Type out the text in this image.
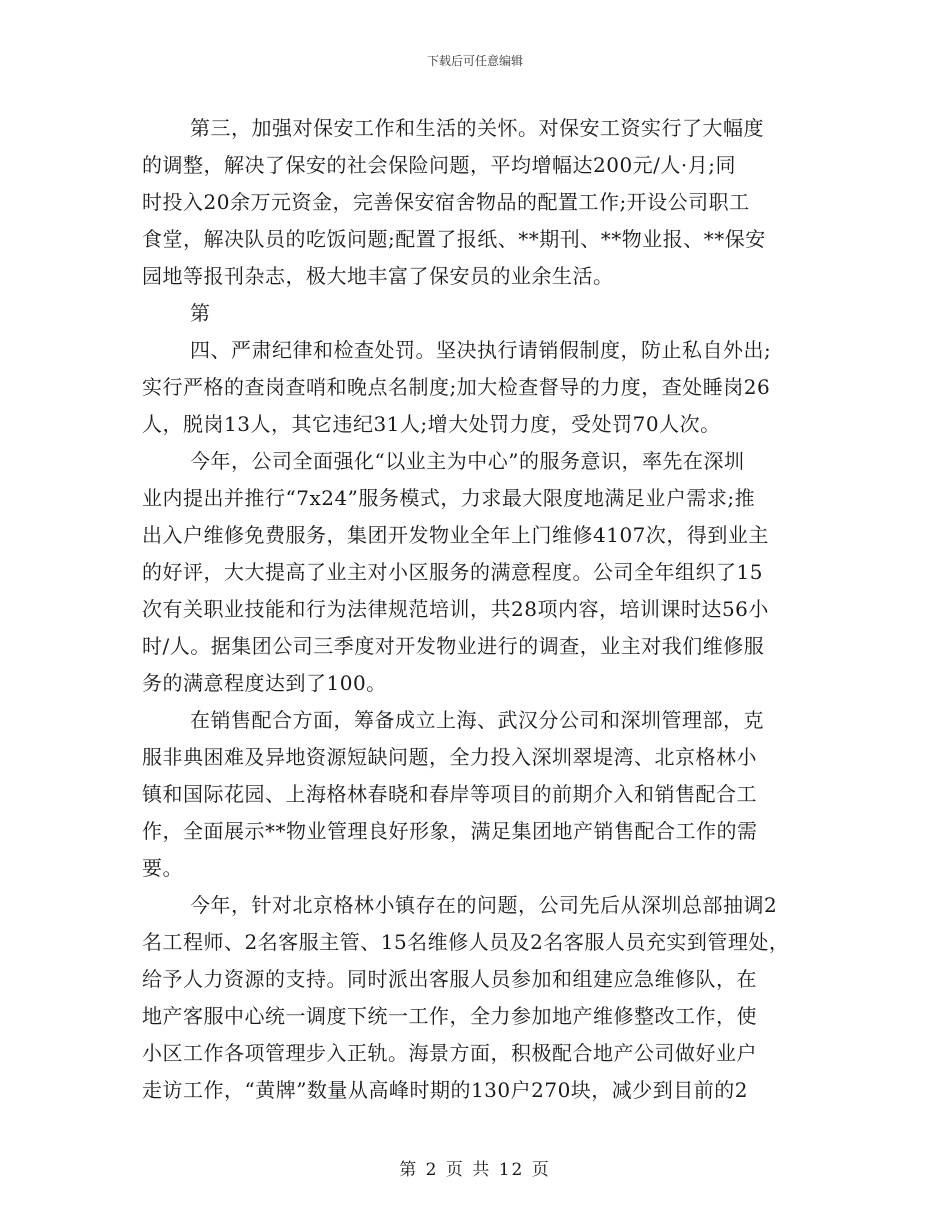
下载后可任意编辑
第三，加强对保安工作和生活的关怀。对保安工资实行了大幅度
的调整，解决了保安的社会保险问题，平均增幅达200元/人·月;同
时投入20余万元资金，完善保安宿舍物品的配置工作;开设公司职工
食堂，解决队员的吃饭问题;配置了报纸、**期刊、**物业报、**保安
园地等报刊杂志，极大地丰富了保安员的业余生活。
第
四、严肃纪律和检查处罚。坚决执行请销假制度，防止私自外出;
实行严格的查岗查哨和晚点名制度;加大检查督导的力度，查处睡岗26
人，脱岗13人，其它违纪31人;增大处罚力度，受处罚70人次。
今年，公司全面强化“以业主为中心”的服务意识，率先在深圳
业内提出并推行“7x24”服务模式，力求最大限度地满足业户需求;推
出入户维修免费服务，集团开发物业全年上门维修4107次，得到业主
的好评，大大提高了业主对小区服务的满意程度。公司全年组织了15
次有关职业技能和行为法律规范培训，共28项内容，培训课时达56小
时/人。据集团公司三季度对开发物业进行的调查，业主对我们维修服
务的满意程度达到了100。
在销售配合方面，筹备成立上海、武汉分公司和深圳管理部，克
服非典困难及异地资源短缺问题，全力投入深圳翠堤湾、北京格林小
镇和国际花园、上海格林春晓和春岸等项目的前期介入和销售配合工
作，全面展示**物业管理良好形象，满足集团地产销售配合工作的需
要。
今年，针对北京格林小镇存在的问题，公司先后从深圳总部抽调2
名工程师、2名客服主管、15名维修人员及2名客服人员充实到管理处，
给予人力资源的支持。同时派出客服人员参加和组建应急维修队，在
地产客服中心统一调度下统一工作，全力参加地产维修整改工作，使
小区工作各项管理步入正轨。海景方面，积极配合地产公司做好业户
走访工作，“黄牌”数量从高峰时期的130户270块，减少到目前的2
第 2 页 共 12 页
